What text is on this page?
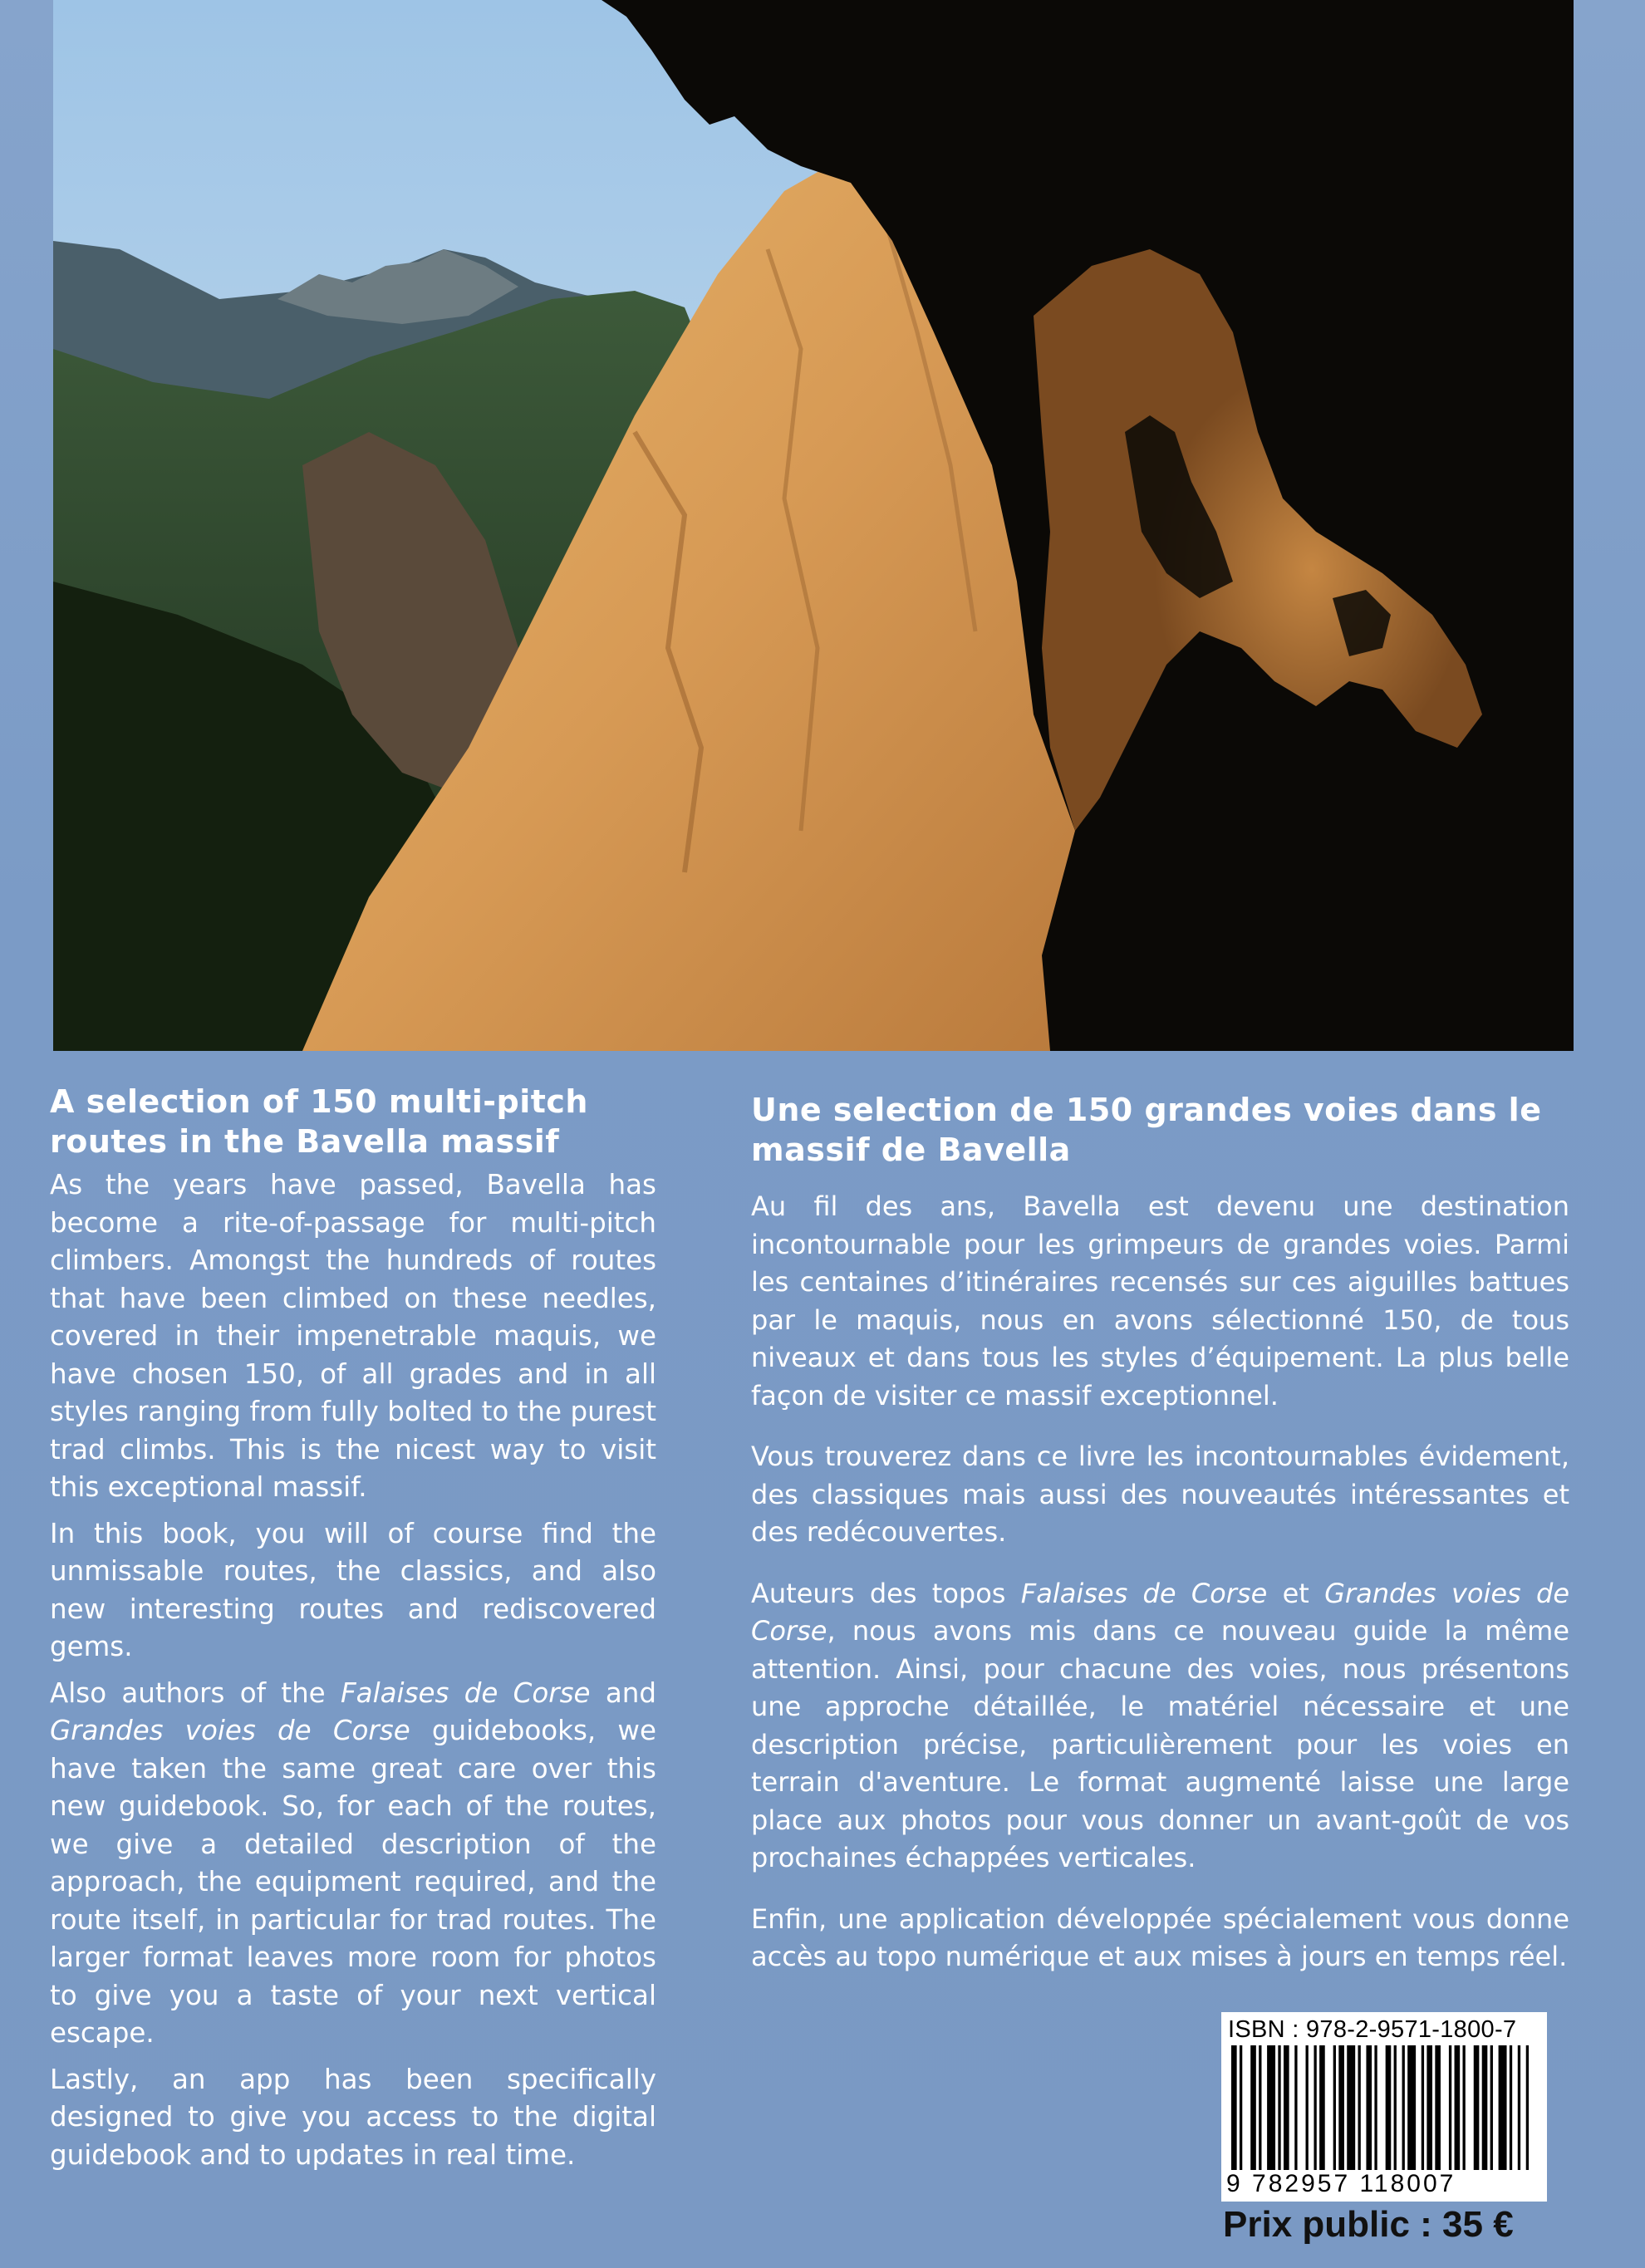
A selection of 150 multi-pitch routes in the Bavella massif

As the years have passed, Bavella has become a rite-of-passage for multi-pitch climbers. Amongst the hundreds of routes that have been climbed on these needles, covered in their impenetrable maquis, we have chosen 150, of all grades and in all styles ranging from fully bolted to the purest trad climbs. This is the nicest way to visit this exceptional massif.

In this book, you will of course find the unmissable routes, the classics, and also new interesting routes and rediscovered gems.

Also authors of the Falaises de Corse and Grandes voies de Corse guidebooks, we have taken the same great care over this new guidebook. So, for each of the routes, we give a detailed description of the approach, the equipment required, and the route itself, in particular for trad routes. The larger format leaves more room for photos to give you a taste of your next vertical escape.

Lastly, an app has been specifically designed to give you access to the digital guidebook and to updates in real time.

Une selection de 150 grandes voies dans le massif de Bavella

Au fil des ans, Bavella est devenu une destination incontournable pour les grimpeurs de grandes voies. Parmi les centaines d’itinéraires recensés sur ces aiguilles battues par le maquis, nous en avons sélectionné 150, de tous niveaux et dans tous les styles d’équipement. La plus belle façon de visiter ce massif exceptionnel.

Vous trouverez dans ce livre les incontournables évidement, des classiques mais aussi des nouveautés intéressantes et des redécouvertes.

Auteurs des topos Falaises de Corse et Grandes voies de Corse, nous avons mis dans ce nouveau guide la même attention. Ainsi, pour chacune des voies, nous présentons une approche détaillée, le matériel nécessaire et une description précise, particulièrement pour les voies en terrain d'aventure. Le format augmenté laisse une large place aux photos pour vous donner un avant-goût de vos prochaines échappées verticales.

Enfin, une application développée spécialement vous donne accès au topo numérique et aux mises à jours en temps réel.

ISBN : 978-2-9571-1800-7
9 782957 118007
Prix public : 35 €
